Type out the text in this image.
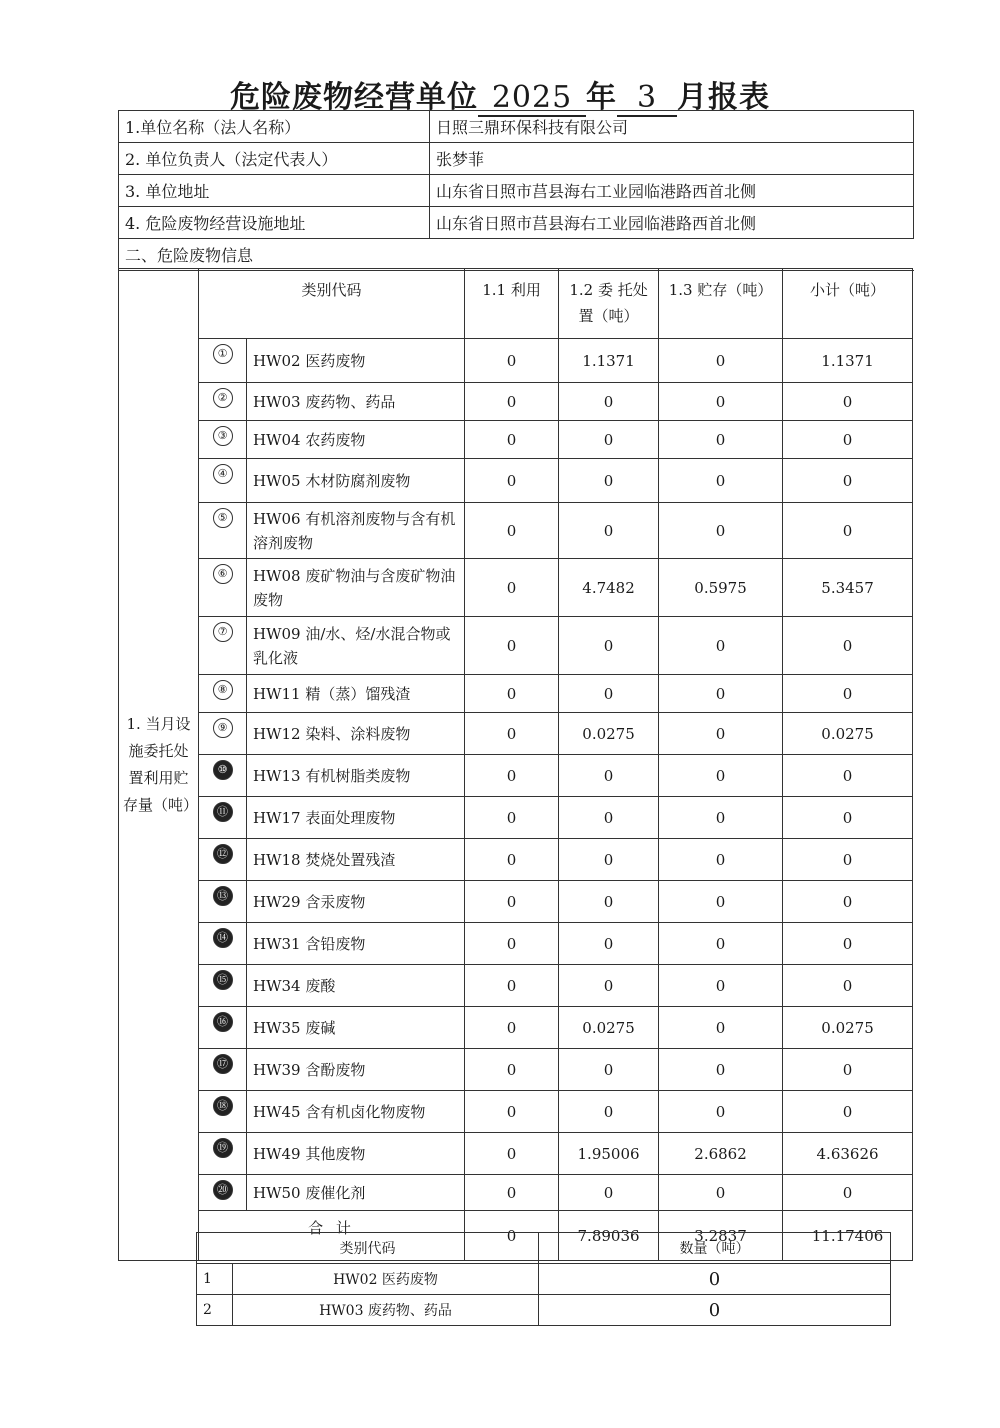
危险废物经营单位 2025 年 3 月报表
1.单位名称（法人名称）	日照三鼎环保科技有限公司
2. 单位负责人（法定代表人）	张梦菲
3. 单位地址	山东省日照市莒县海右工业园临港路西首北侧
4. 危险废物经营设施地址	山东省日照市莒县海右工业园临港路西首北侧
二、危险废物信息	
1. 当月设施委托处置利用贮存量（吨）	类别代码		1.1 利用	1.2 委 托处置（吨）	1.3 贮存（吨）	小计（吨）
	①	HW02 医药废物	0	1.1371	0	1.1371
	②	HW03 废药物、药品	0	0	0	0
	③	HW04 农药废物	0	0	0	0
	④	HW05 木材防腐剂废物	0	0	0	0
	⑤	HW06 有机溶剂废物与含有机溶剂废物	0	0	0	0
	⑥	HW08 废矿物油与含废矿物油废物	0	4.7482	0.5975	5.3457
	⑦	HW09 油/水、烃/水混合物或乳化液	0	0	0	0
	⑧	HW11 精（蒸）馏残渣	0	0	0	0
	⑨	HW12 染料、涂料废物	0	0.0275	0	0.0275
	⑩	HW13 有机树脂类废物	0	0	0	0
	⑪	HW17 表面处理废物	0	0	0	0
	⑫	HW18 焚烧处置残渣	0	0	0	0
	⑬	HW29 含汞废物	0	0	0	0
	⑭	HW31 含铅废物	0	0	0	0
	⑮	HW34 废酸	0	0	0	0
	⑯	HW35 废碱	0	0.0275	0	0.0275
	⑰	HW39 含酚废物	0	0	0	0
	⑱	HW45 含有机卤化物废物	0	0	0	0
	⑲	HW49 其他废物	0	1.95006	2.6862	4.63626
	⑳	HW50 废催化剂	0	0	0	0
	合 计		0	7.89036	3.2837	11.17406
类别代码		数量（吨）
1	HW02 医药废物	0
2	HW03 废药物、药品	0
